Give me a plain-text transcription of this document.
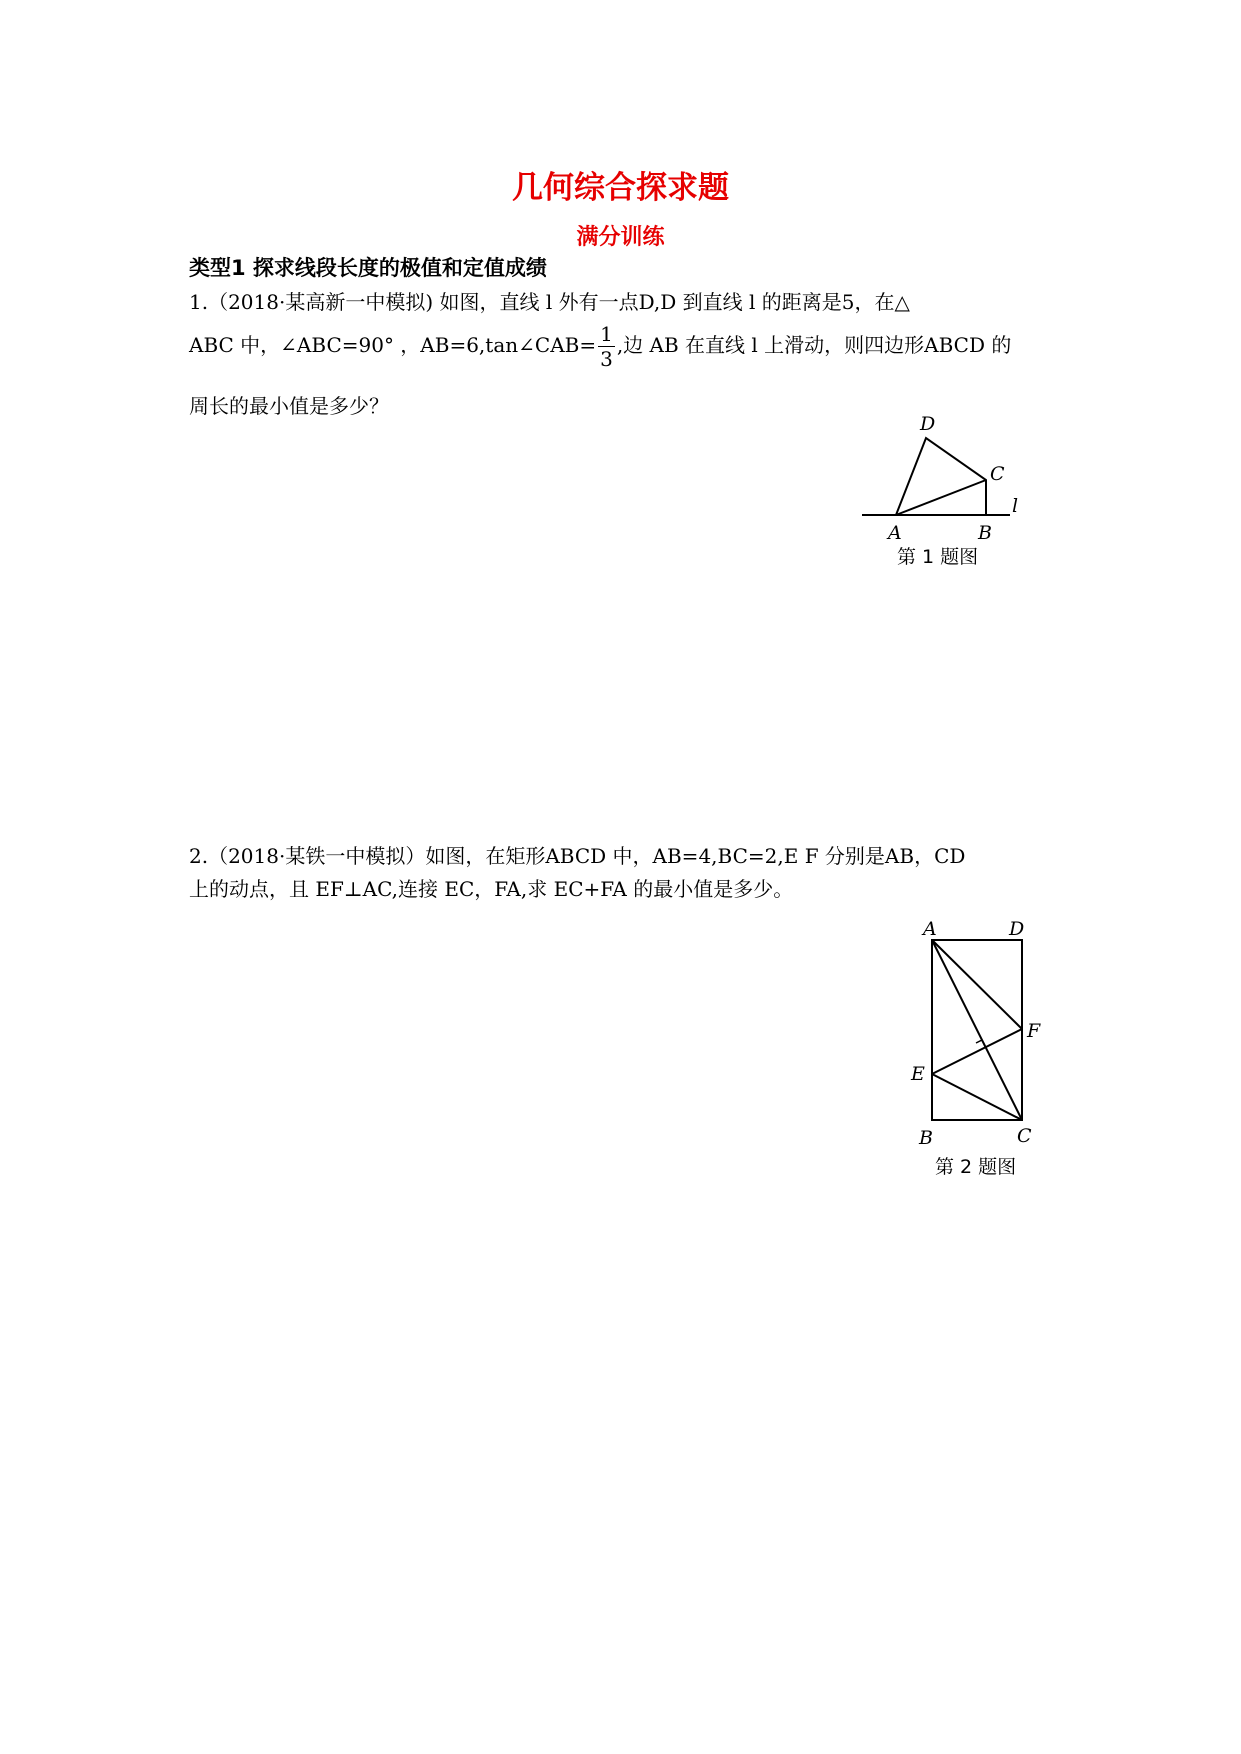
几何综合探求题
满分训练
类型1 探求线段长度的极值和定值成绩
1.（2018·某高新一中模拟) 如图，直线 l 外有一点D,D 到直线 l 的距离是5，在△
ABC 中，∠ABC=90° ，AB=6,tan∠CAB= $\frac{1}{3}$ ,边 AB 在直线 l 上滑动，则四边形ABCD 的
周长的最小值是多少？
D
C
l
A	B
第 1 题图
2.（2018·某铁一中模拟）如图，在矩形ABCD 中，AB=4,BC=2,E F 分别是AB，CD
上的动点，且 EF⊥AC,连接 EC，FA,求 EC+FA 的最小值是多少。
A	D
F
E
B	C
第 2 题图
